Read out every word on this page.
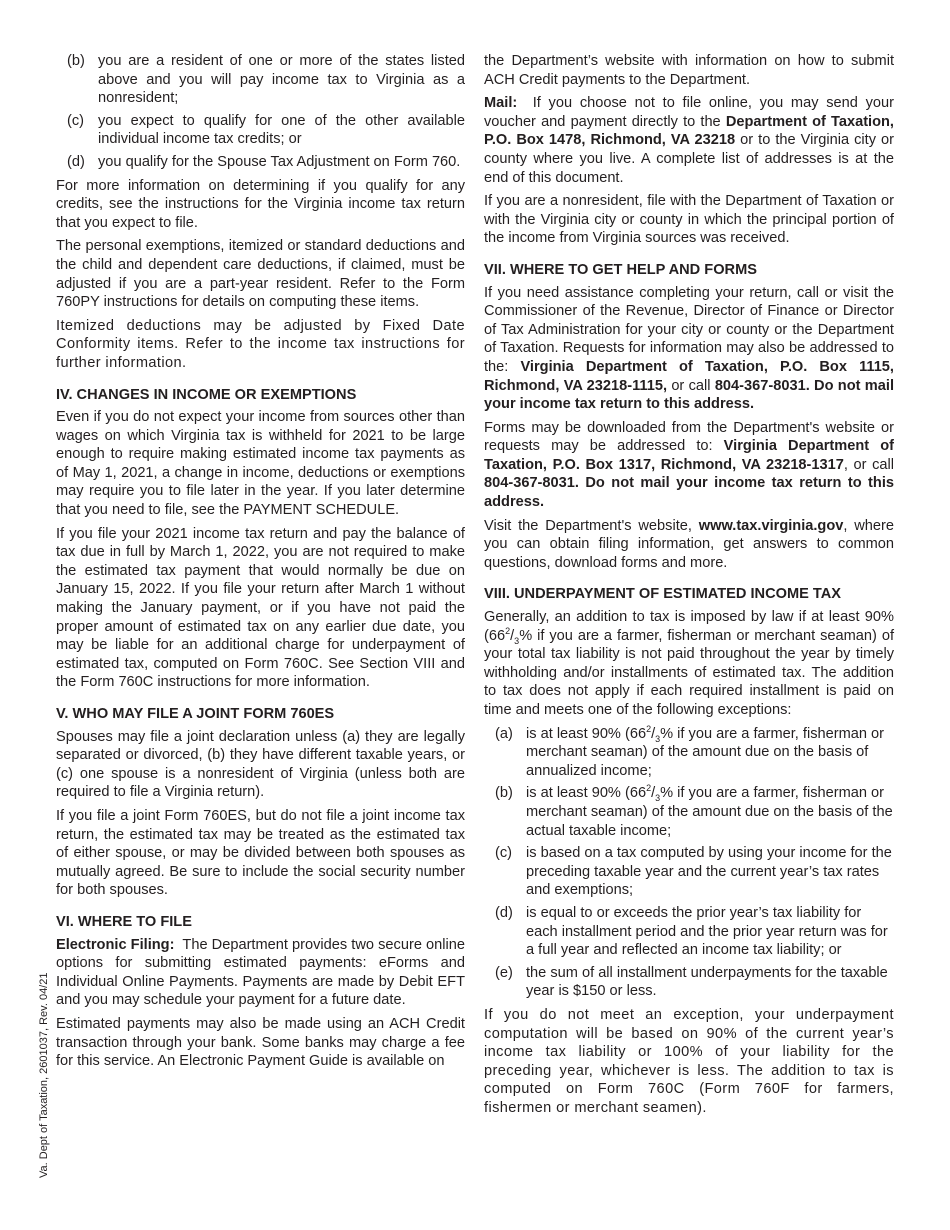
Va. Dept of Taxation, 2601037, Rev. 04/21
(b) you are a resident of one or more of the states listed above and you will pay income tax to Virginia as a nonresident;
(c) you expect to qualify for one of the other available individual income tax credits; or
(d) you qualify for the Spouse Tax Adjustment on Form 760.

For more information on determining if you qualify for any credits, see the instructions for the Virginia income tax return that you expect to file.

The personal exemptions, itemized or standard deductions and the child and dependent care deductions, if claimed, must be adjusted if you are a part-year resident. Refer to the Form 760PY instructions for details on computing these items.

Itemized deductions may be adjusted by Fixed Date Conformity items. Refer to the income tax instructions for further information.

IV. CHANGES IN INCOME OR EXEMPTIONS

Even if you do not expect your income from sources other than wages on which Virginia tax is withheld for 2021 to be large enough to require making estimated income tax payments as of May 1, 2021, a change in income, deductions or exemptions may require you to file later in the year. If you later determine that you need to file, see the PAYMENT SCHEDULE.

If you file your 2021 income tax return and pay the balance of tax due in full by March 1, 2022, you are not required to make the estimated tax payment that would normally be due on January 15, 2022. If you file your return after March 1 without making the January payment, or if you have not paid the proper amount of estimated tax on any earlier due date, you may be liable for an additional charge for underpayment of estimated tax, computed on Form 760C. See Section VIII and the Form 760C instructions for more information.

V. WHO MAY FILE A JOINT FORM 760ES

Spouses may file a joint declaration unless (a) they are legally separated or divorced, (b) they have different taxable years, or (c) one spouse is a nonresident of Virginia (unless both are required to file a Virginia return).

If you file a joint Form 760ES, but do not file a joint income tax return, the estimated tax may be treated as the estimated tax of either spouse, or may be divided between both spouses as mutually agreed. Be sure to include the social security number for both spouses.

VI. WHERE TO FILE

Electronic Filing: The Department provides two secure online options for submitting estimated payments: eForms and Individual Online Payments. Payments are made by Debit EFT and you may schedule your payment for a future date.

Estimated payments may also be made using an ACH Credit transaction through your bank. Some banks may charge a fee for this service. An Electronic Payment Guide is available on

the Department’s website with information on how to submit ACH Credit payments to the Department.

Mail: If you choose not to file online, you may send your voucher and payment directly to the Department of Taxation, P.O. Box 1478, Richmond, VA 23218 or to the Virginia city or county where you live. A complete list of addresses is at the end of this document.

If you are a nonresident, file with the Department of Taxation or with the Virginia city or county in which the principal portion of the income from Virginia sources was received.

VII. WHERE TO GET HELP AND FORMS

If you need assistance completing your return, call or visit the Commissioner of the Revenue, Director of Finance or Director of Tax Administration for your city or county or the Department of Taxation. Requests for information may also be addressed to the: Virginia Department of Taxation, P.O. Box 1115, Richmond, VA 23218-1115, or call 804-367-8031. Do not mail your income tax return to this address.

Forms may be downloaded from the Department's website or requests may be addressed to: Virginia Department of Taxation, P.O. Box 1317, Richmond, VA 23218-1317, or call 804-367-8031. Do not mail your income tax return to this address.

Visit the Department's website, www.tax.virginia.gov, where you can obtain filing information, get answers to common questions, download forms and more.

VIII. UNDERPAYMENT OF ESTIMATED INCOME TAX

Generally, an addition to tax is imposed by law if at least 90% ($66^2/_3\%$ if you are a farmer, fisherman or merchant seaman) of your total tax liability is not paid throughout the year by timely withholding and/or installments of estimated tax. The addition to tax does not apply if each required installment is paid on time and meets one of the following exceptions:

(a) is at least 90% ($66^2/_3\%$ if you are a farmer, fisherman or merchant seaman) of the amount due on the basis of annualized income;
(b) is at least 90% ($66^2/_3\%$ if you are a farmer, fisherman or merchant seaman) of the amount due on the basis of the actual taxable income;
(c) is based on a tax computed by using your income for the preceding taxable year and the current year’s tax rates and exemptions;
(d) is equal to or exceeds the prior year’s tax liability for each installment period and the prior year return was for a full year and reflected an income tax liability; or
(e) the sum of all installment underpayments for the taxable year is $150 or less.

If you do not meet an exception, your underpayment computation will be based on 90% of the current year’s income tax liability or 100% of your liability for the preceding year, whichever is less. The addition to tax is computed on Form 760C (Form 760F for farmers, fishermen or merchant seamen).
